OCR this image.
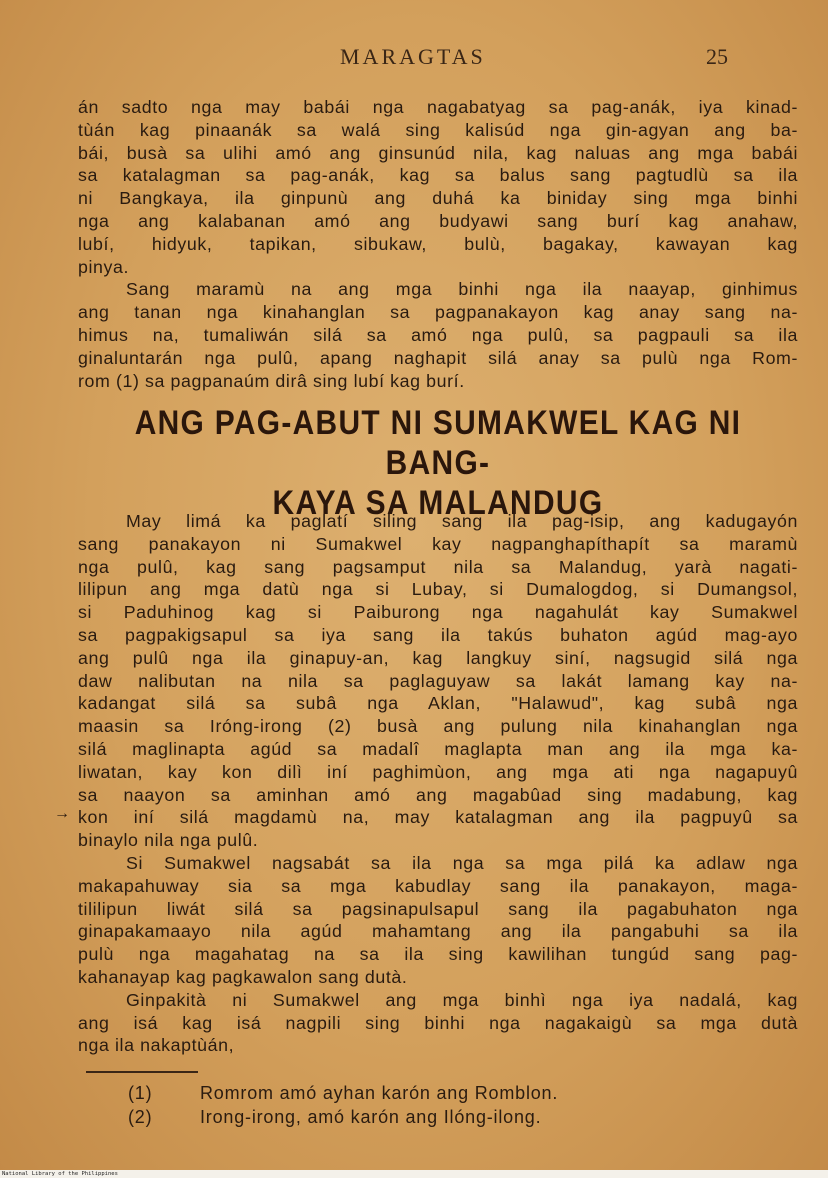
MARAGTAS	25
án sadto nga may babái nga nagabatyag sa pag-anák, iya kinad-
tùán kag pinaanák sa walá sing kalisúd nga gin-agyan ang ba-
bái, busà sa ulihi amó ang ginsunúd nila, kag naluas ang mga babái
sa katalagman sa pag-anák, kag sa balus sang pagtudlù sa ila
ni Bangkaya, ila ginpunù ang duhá ka biniday sing mga binhi
nga ang kalabanan amó ang budyawi sang burí kag anahaw,
lubí, hidyuk, tapikan, sibukaw, bulù, bagakay, kawayan kag
pinya.
Sang maramù na ang mga binhi nga ila naayap, ginhimus
ang tanan nga kinahanglan sa pagpanakayon kag anay sang na-
himus na, tumaliwán silá sa amó nga pulû, sa pagpauli sa ila
ginaluntarán nga pulû, apang naghapit silá anay sa pulù nga Rom-
rom (1) sa pagpanaúm dirâ sing lubí kag burí.
ANG PAG-ABUT NI SUMAKWEL KAG NI BANG-
KAYA SA MALANDUG
May limá ka paglatí siling sang ila pag-isip, ang kadugayón
sang panakayon ni Sumakwel kay nagpanghapíthapít sa maramù
nga pulû, kag sang pagsamput nila sa Malandug, yarà nagati-
lilipun ang mga datù nga si Lubay, si Dumalogdog, si Dumangsol,
si Paduhinog kag si Paiburong nga nagahulát kay Sumakwel
sa pagpakigsapul sa iya sang ila takús buhaton agúd mag-ayo
ang pulû nga ila ginapuy-an, kag langkuy siní, nagsugid silá nga
daw nalibutan na nila sa paglaguyaw sa lakát lamang kay na-
kadangat silá sa subâ nga Aklan, "Halawud", kag subâ nga
maasin sa Iróng-irong (2) busà ang pulung nila kinahanglan nga
silá maglinapta agúd sa madalî maglapta man ang ila mga ka-
liwatan, kay kon dilì iní paghimùon, ang mga ati nga nagapuyû
sa naayon sa aminhan amó ang magabûad sing madabung, kag
kon iní silá magdamù na, may katalagman ang ila pagpuyû sa
binaylo nila nga pulû.
Si Sumakwel nagsabát sa ila nga sa mga pilá ka adlaw nga
makapahuway sia sa mga kabudlay sang ila panakayon, maga-
tililipun liwát silá sa pagsinapulsapul sang ila pagabuhaton nga
ginapakamaayo nila agúd mahamtang ang ila pangabuhi sa ila
pulù nga magahatag na sa ila sing kawilihan tungúd sang pag-
kahanayap kag pagkawalon sang dutà.
Ginpakità ni Sumakwel ang mga binhì nga iya nadalá, kag
ang isá kag isá nagpili sing binhi nga nagakaigù sa mga dutà
nga ila nakaptùán,
→
(1)	Romrom amó ayhan karón ang Romblon.
(2)	Irong-irong, amó karón ang Ilóng-ilong.
National Library of the Philippines
